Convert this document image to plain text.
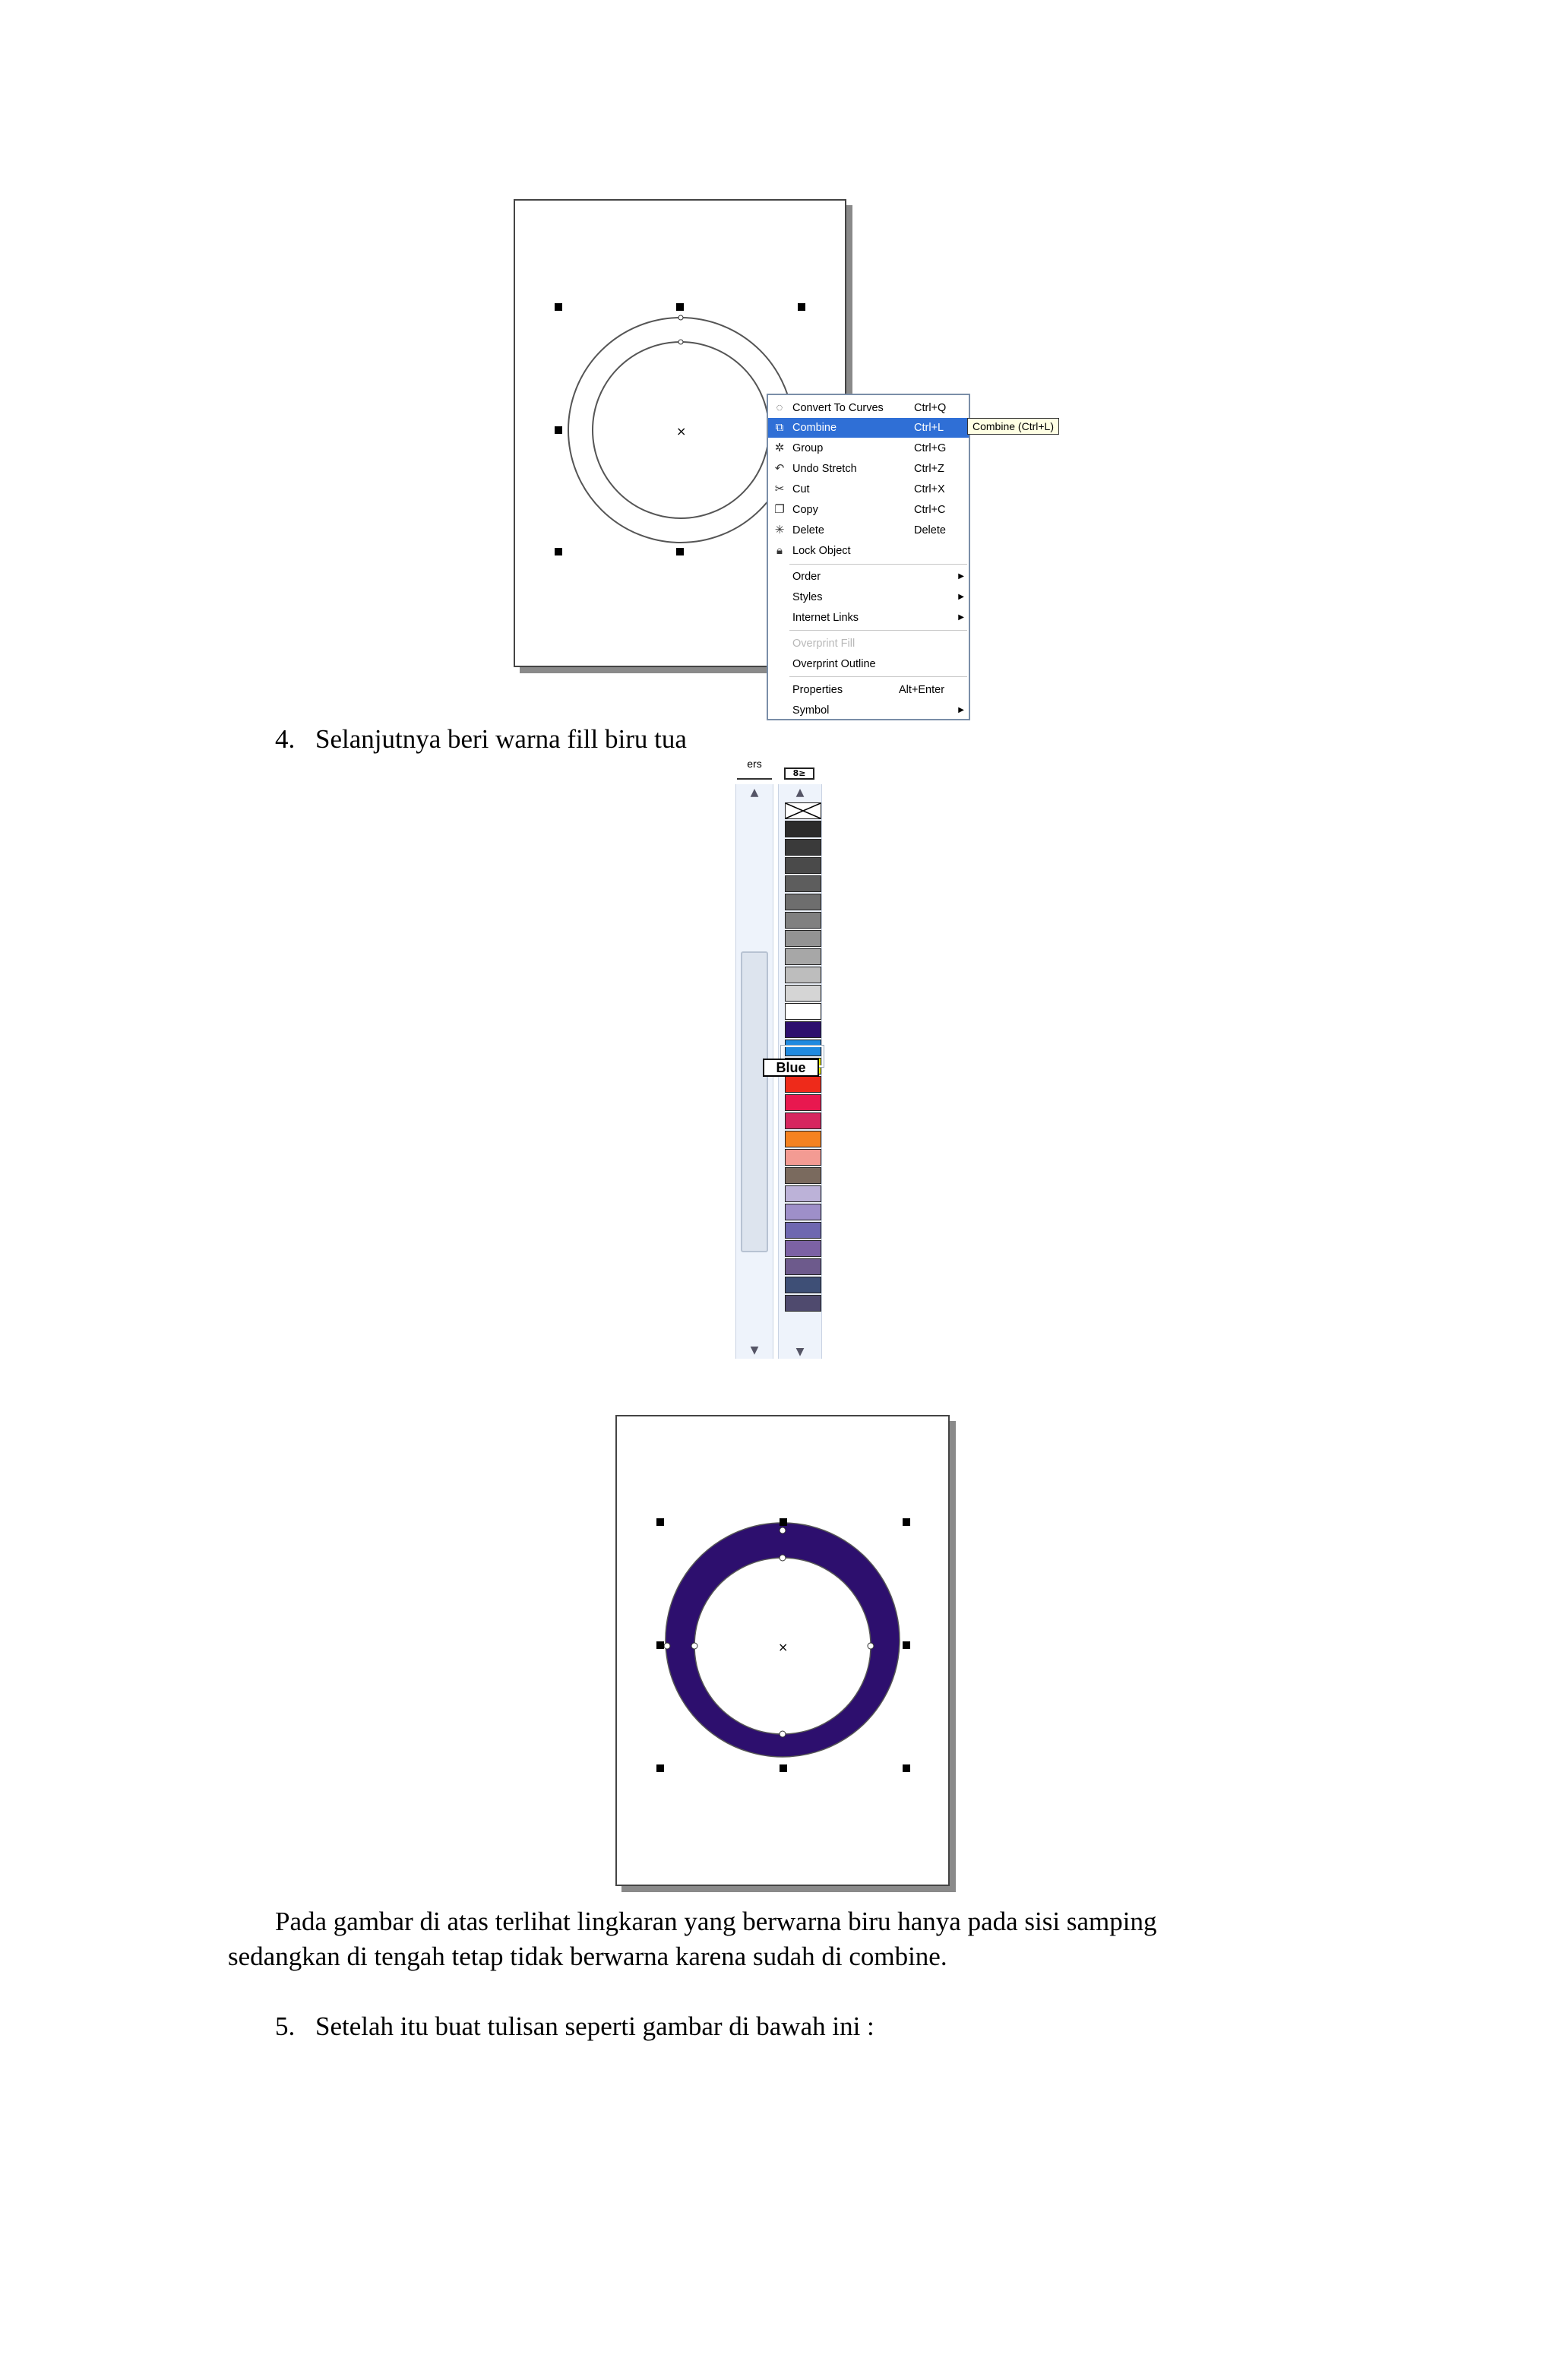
×
◌ Convert To Curves	Ctrl+Q
⧉ Combine	Ctrl+L
✲ Group	Ctrl+G
↶ Undo Stretch	Ctrl+Z
✂ Cut	Ctrl+X
❐ Copy	Ctrl+C
✳ Delete	Delete
🔒︎ Lock Object
Order	▶
Styles	▶
Internet Links	▶
Overprint Fill
Overprint Outline
Properties	Alt+Enter
Symbol	▶
Combine (Ctrl+L)
4. Selanjutnya beri warna fill biru tua
ers
8≥
▲
▼
▲
▼
Blue
×
Pada gambar di atas terlihat lingkaran yang berwarna biru hanya pada sisi samping
sedangkan di tengah tetap tidak berwarna karena sudah di combine.
5. Setelah itu buat tulisan seperti gambar di bawah ini :
